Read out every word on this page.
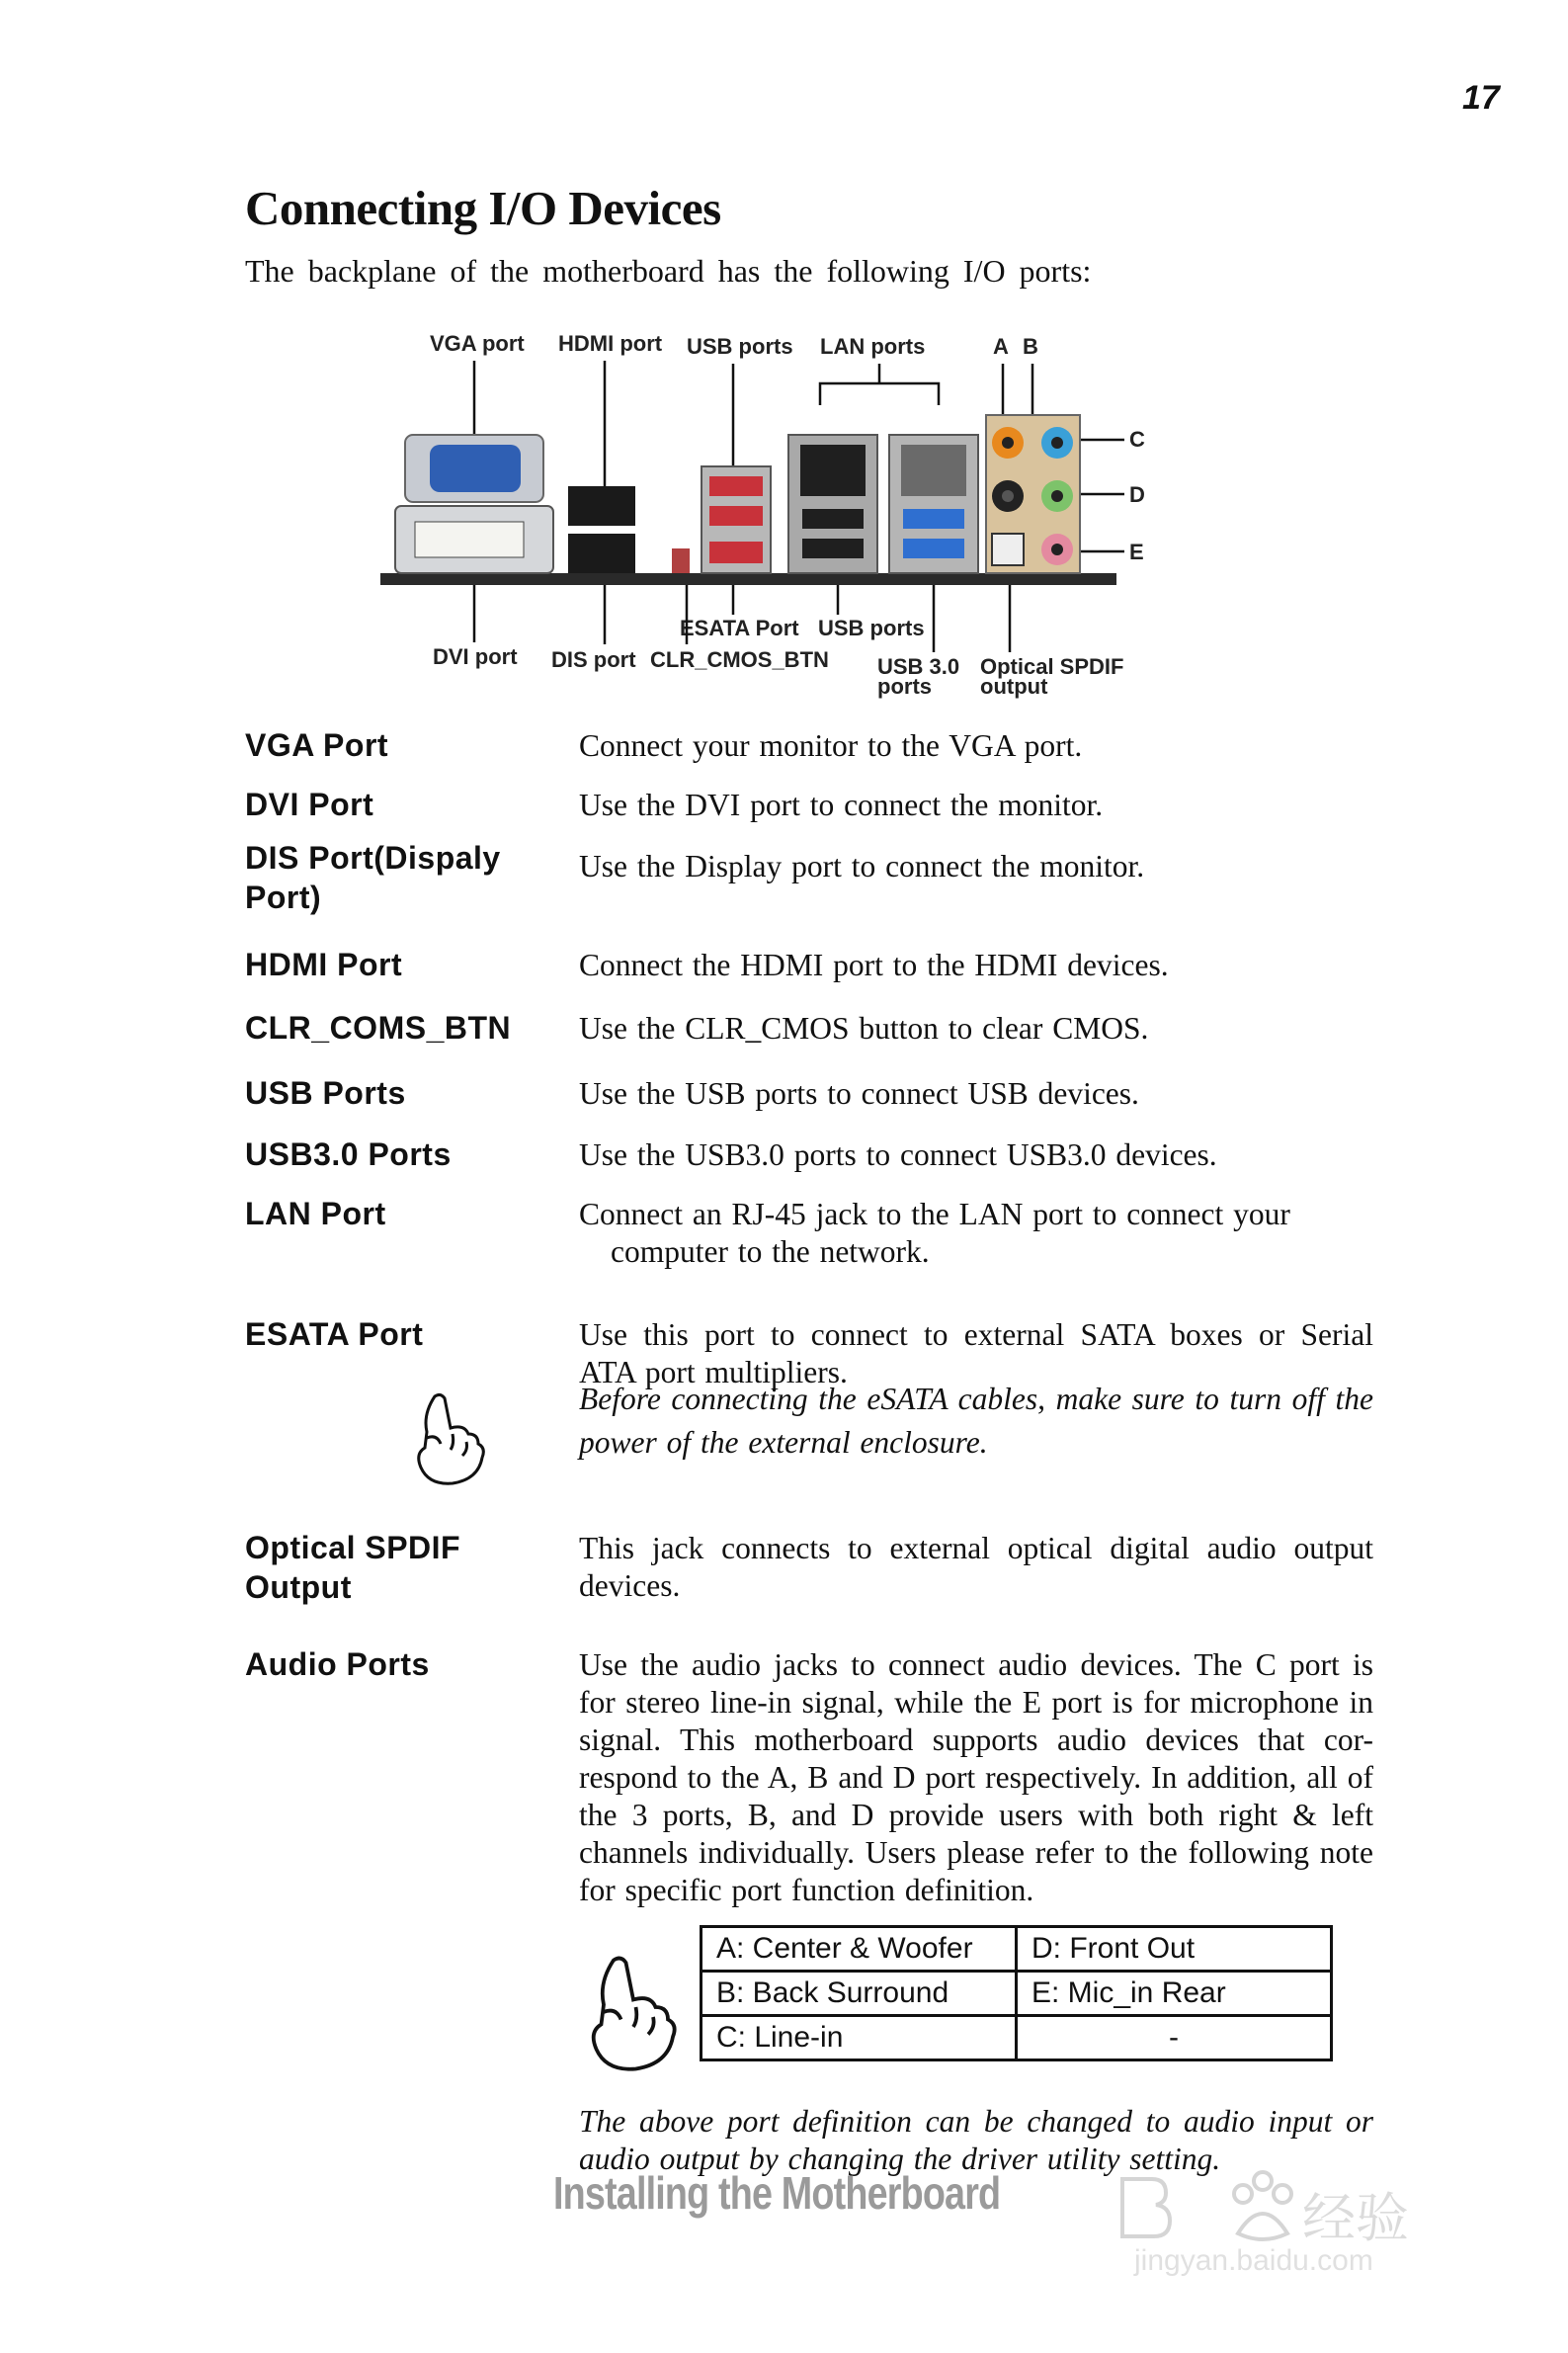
17
Connecting I/O Devices

The backplane of the motherboard has the following I/O ports:

VGA port HDMI port USB ports LAN ports	A B
C
D
E
ESATA Port USB ports
DVI port DIS port CLR_CMOS_BTN USB 3.0
ports
Optical SPDIF
output
VGA Port	Connect your monitor to the VGA port.
DVI Port	Use the DVI port to connect the monitor.
DIS Port(Dispaly
Port)
Use the Display port to connect the monitor.
HDMI Port	Connect the HDMI port to the HDMI devices.
CLR_COMS_BTN Use the CLR_CMOS button to clear CMOS.
USB Ports	Use the USB ports to connect USB devices.
USB3.0 Ports	Use the USB3.0 ports to connect USB3.0 devices.
LAN Port	Connect an RJ-45 jack to the LAN port to connect your
computer to the network.
ESATA Port	Use this port to connect to external SATA boxes or Serial ATA port multipliers.
Before connecting the eSATA cables, make sure to turn off the power of the external enclosure.
Optical SPDIF
Output
This jack connects to external optical digital audio output devices.
Audio Ports	Use the audio jacks to connect audio devices. The C port is for stereo line-in signal, while the E port is for microphone in signal. This motherboard supports audio devices that cor-respond to the A, B and D port respectively. In addition, all of the 3 ports, B, and D provide users with both right & left channels individually. Users please refer to the following note for specific port function definition.
A: Center & Woofer	D: Front Out
B: Back Surround	E: Mic_in Rear
C: Line-in	-
The above port definition can be changed to audio input or audio output by changing the driver utility setting.
Installing the Motherboard	经验
jingyan.baidu.com
